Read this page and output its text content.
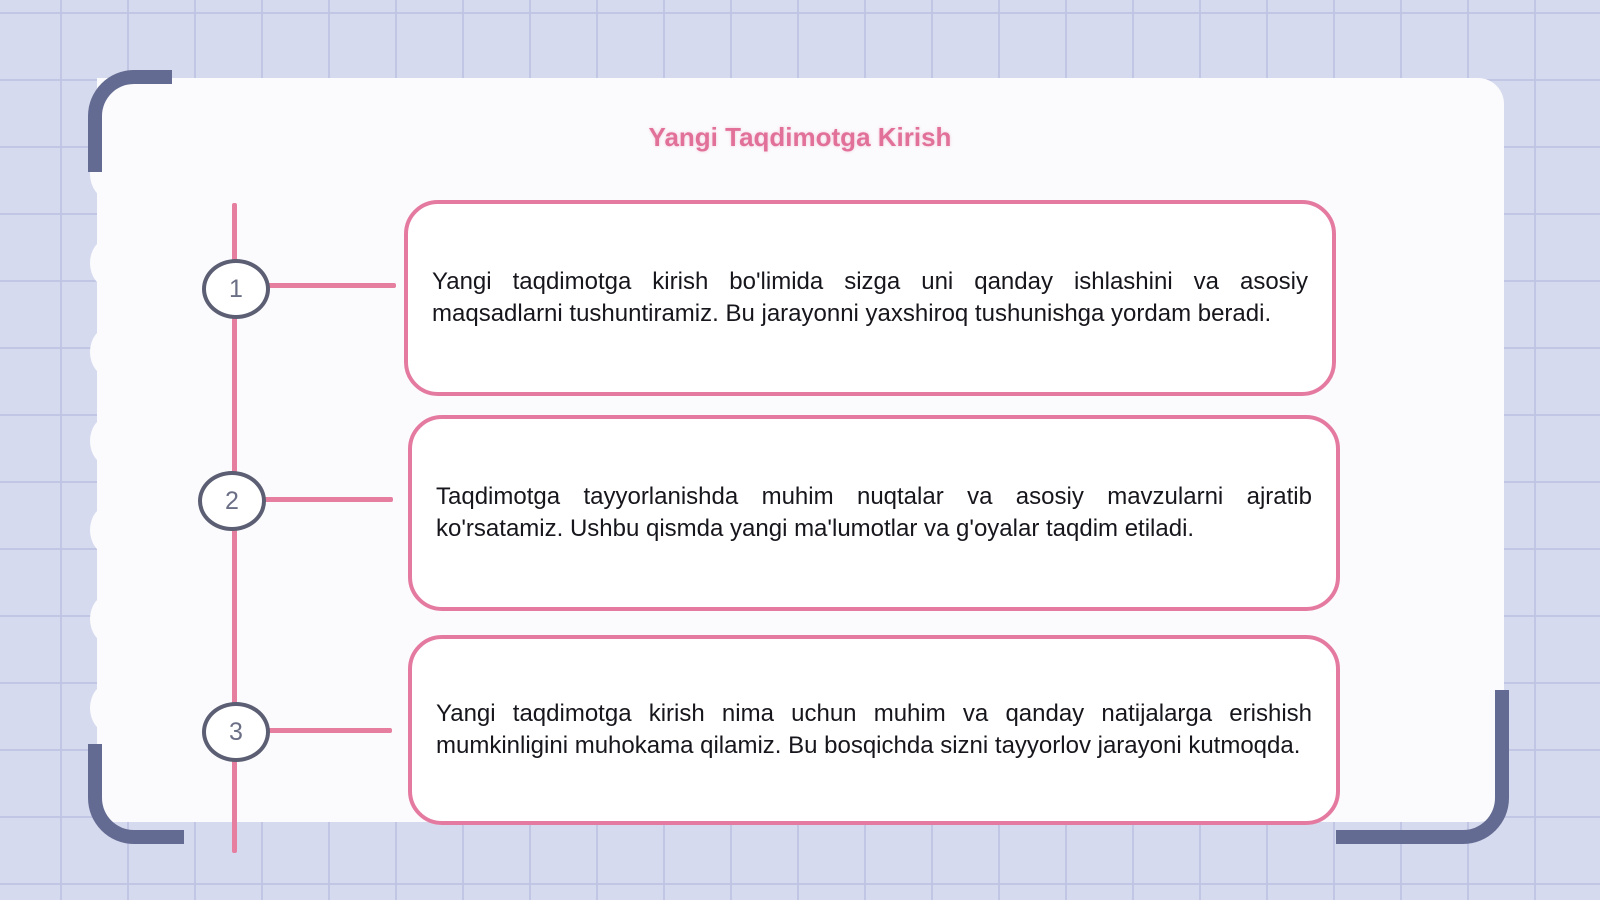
Yangi Taqdimotga Kirish
1
2
3
Yangi taqdimotga kirish bo'limida sizga uni qanday ishlashini va asosiy maqsadlarni tushuntiramiz. Bu jarayonni yaxshiroq tushunishga yordam beradi.
Taqdimotga tayyorlanishda muhim nuqtalar va asosiy mavzularni ajratib ko'rsatamiz. Ushbu qismda yangi ma'lumotlar va g'oyalar taqdim etiladi.
Yangi taqdimotga kirish nima uchun muhim va qanday natijalarga erishish mumkinligini muhokama qilamiz. Bu bosqichda sizni tayyorlov jarayoni kutmoqda.
